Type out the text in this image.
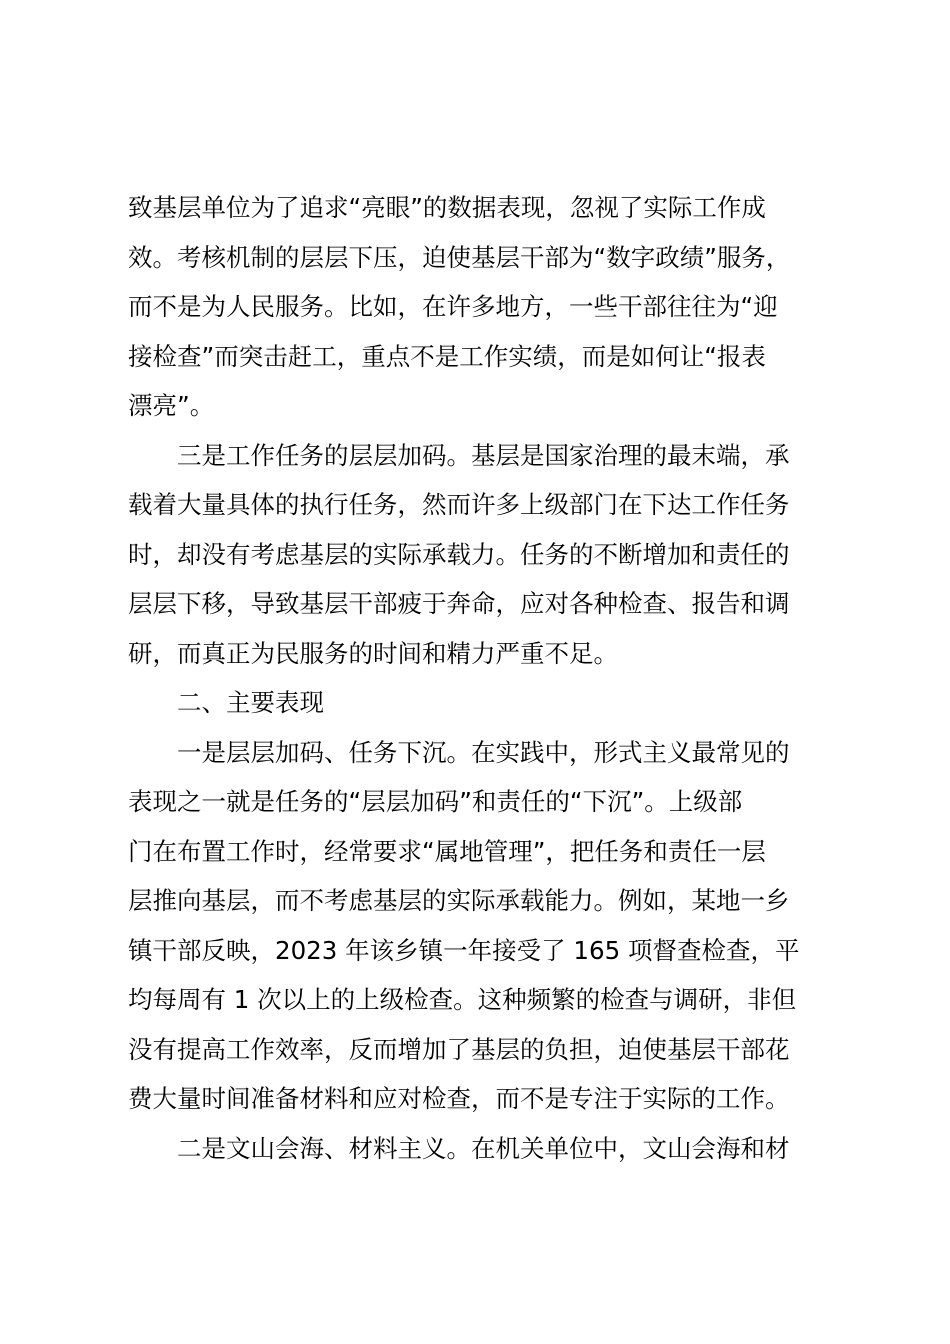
致基层单位为了追求“亮眼”的数据表现，忽视了实际工作成
效。考核机制的层层下压，迫使基层干部为“数字政绩”服务，
而不是为人民服务。比如，在许多地方，一些干部往往为“迎
接检查”而突击赶工，重点不是工作实绩，而是如何让“报表
漂亮”。
三是工作任务的层层加码。基层是国家治理的最末端，承
载着大量具体的执行任务，然而许多上级部门在下达工作任务
时，却没有考虑基层的实际承载力。任务的不断增加和责任的
层层下移，导致基层干部疲于奔命，应对各种检查、报告和调
研，而真正为民服务的时间和精力严重不足。
二、主要表现
一是层层加码、任务下沉。在实践中，形式主义最常见的
表现之一就是任务的“层层加码”和责任的“下沉”。上级部
门在布置工作时，经常要求“属地管理”，把任务和责任一层
层推向基层，而不考虑基层的实际承载能力。例如，某地一乡
镇干部反映，2023 年该乡镇一年接受了 165 项督查检查，平
均每周有 1 次以上的上级检查。这种频繁的检查与调研，非但
没有提高工作效率，反而增加了基层的负担，迫使基层干部花
费大量时间准备材料和应对检查，而不是专注于实际的工作。
二是文山会海、材料主义。在机关单位中，文山会海和材
